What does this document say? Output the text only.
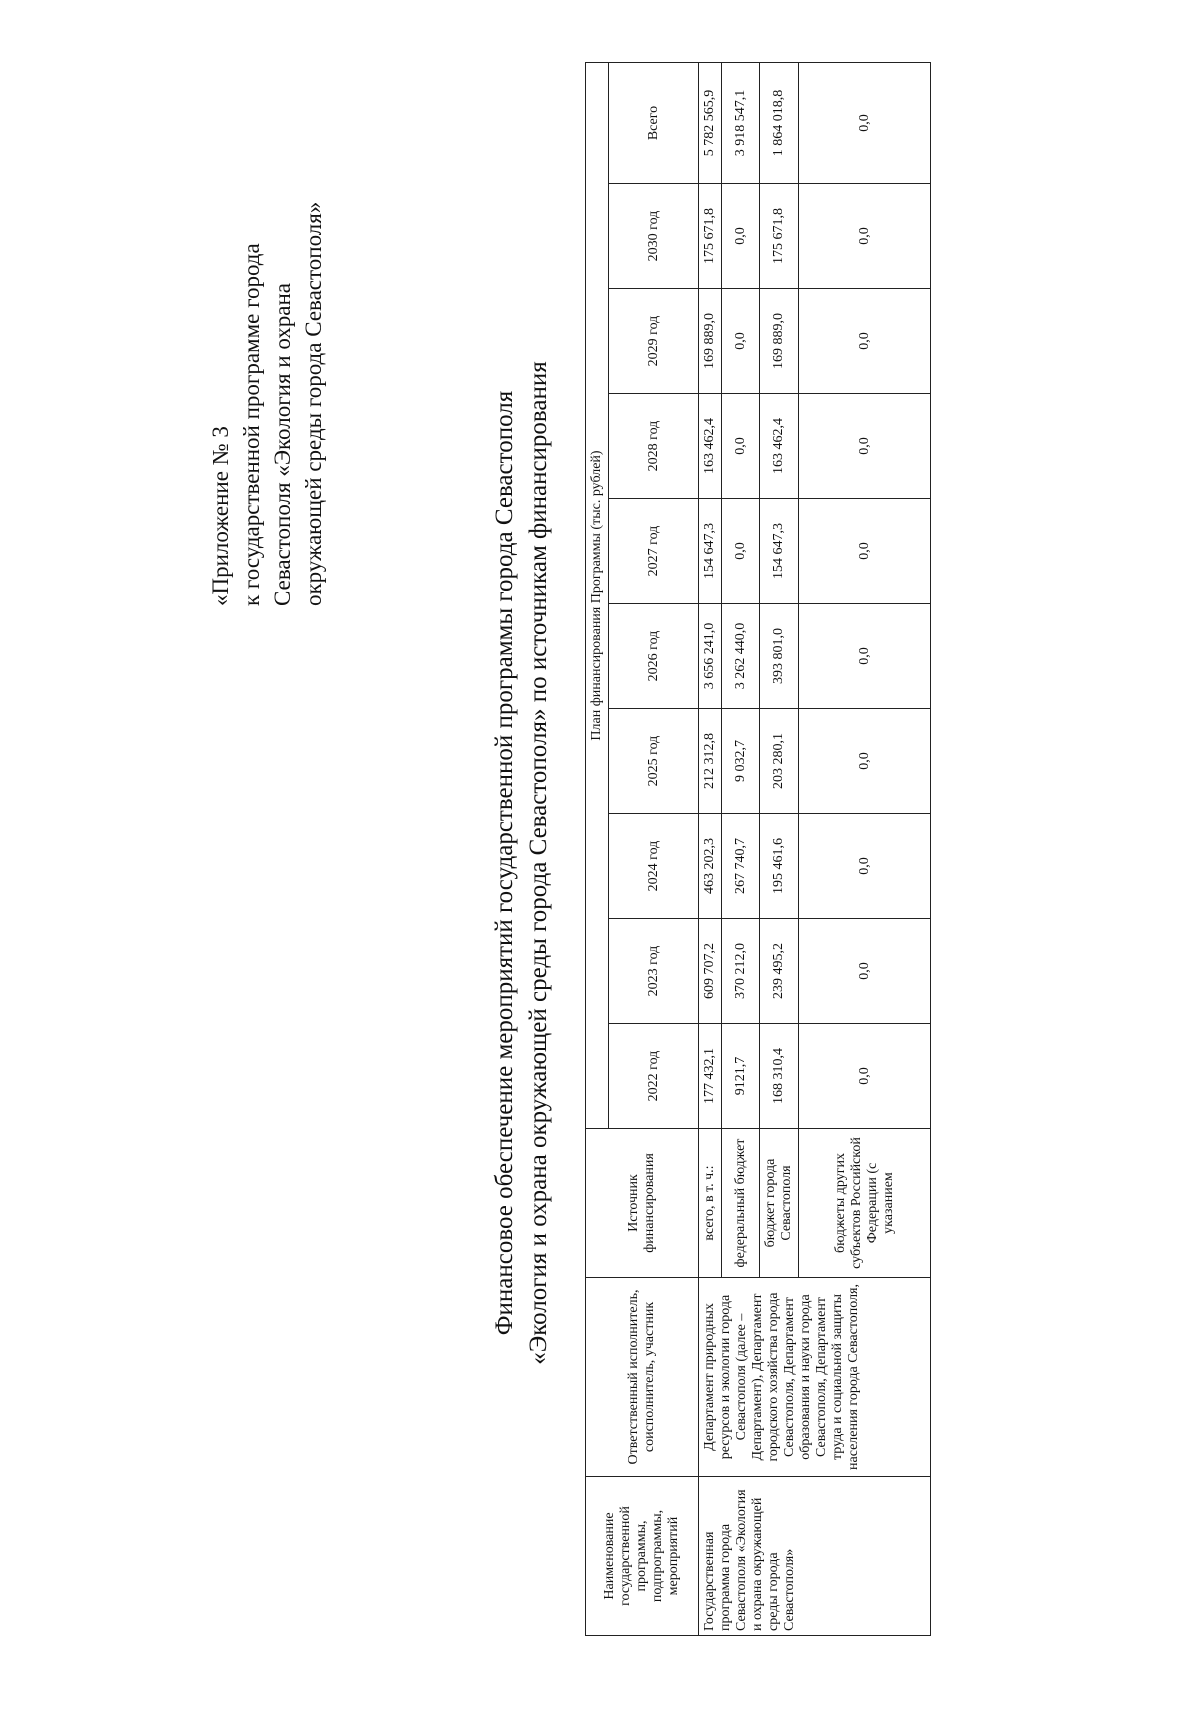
«Приложение № 3 к государственной программе города Севастополя «Экология и охрана окружающей среды города Севастополя»	Финансовое обеспечение мероприятий государственной программы города Севастополя «Экология и охрана окружающей среды города Севастополя» по источникам финансирования
Наименование государственной программы, подпрограммы, мероприятий	Ответственный исполнитель, соисполнитель, участник	Источник финансирования	План финансирования Программы (тыс. рублей)									
			2022 год	2023 год	2024 год	2025 год	2026 год	2027 год	2028 год	2029 год	2030 год	Всего
Государственная программа города Севастополя «Экология и охрана окружающей среды города Севастополя»	Департамент природных ресурсов и экологии города Севастополя (далее – Департамент), Департамент городского хозяйства города Севастополя, Департамент образования и науки города Севастополя, Департамент труда и социальной защиты населения города Севастополя,	всего, в т. ч.:	177 432,1	609 707,2	463 202,3	212 312,8	3 656 241,0	154 647,3	163 462,4	169 889,0	175 671,8	5 782 565,9
		федеральный бюджет	9121,7	370 212,0	267 740,7	9 032,7	3 262 440,0	0,0	0,0	0,0	0,0	3 918 547,1
		бюджет города Севастополя	168 310,4	239 495,2	195 461,6	203 280,1	393 801,0	154 647,3	163 462,4	169 889,0	175 671,8	1 864 018,8
		бюджеты других субъектов Российской Федерации (с указанием	0,0	0,0	0,0	0,0	0,0	0,0	0,0	0,0	0,0	0,0
